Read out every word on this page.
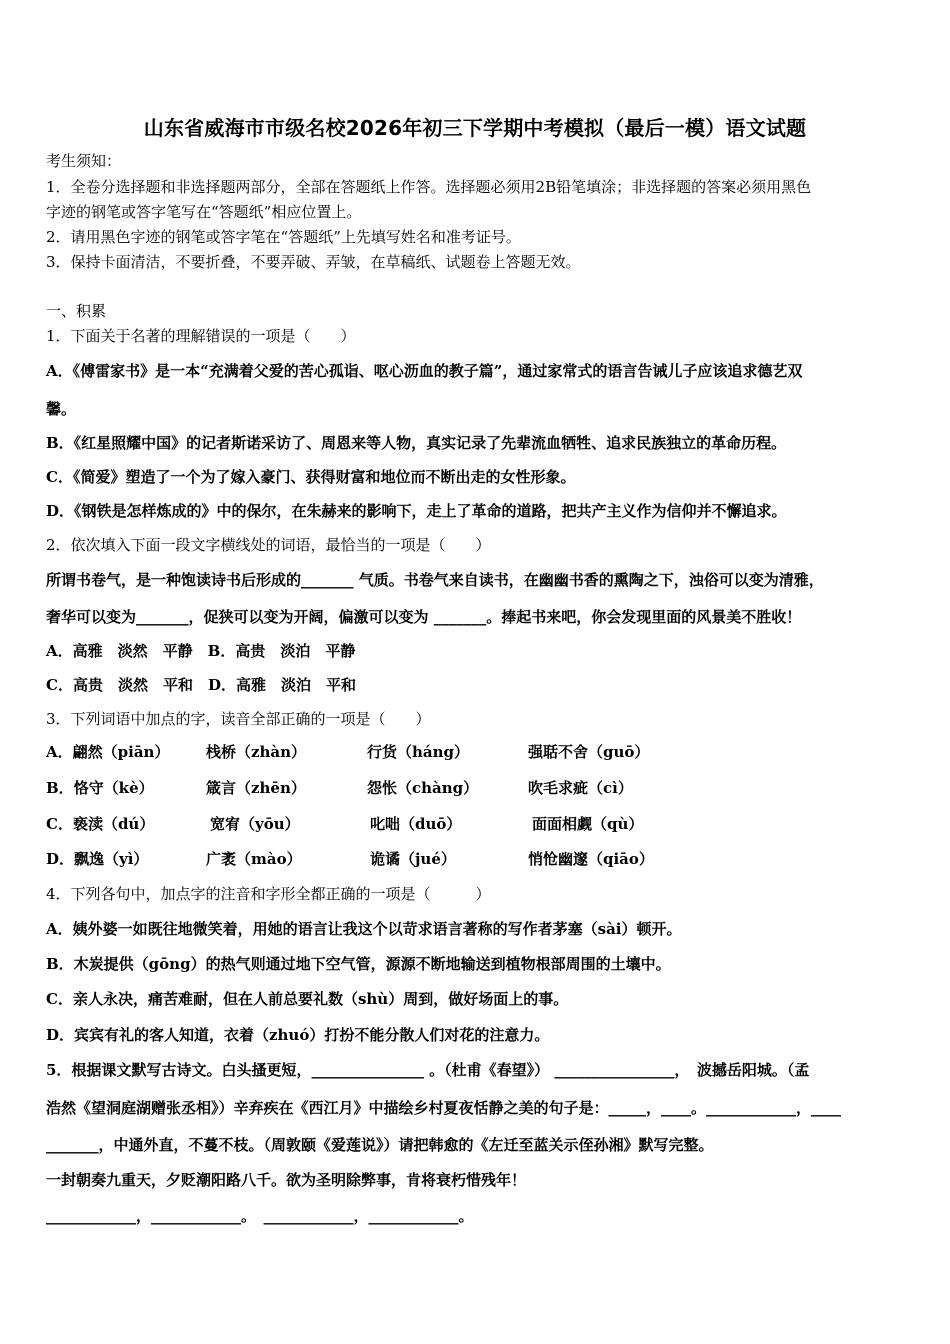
山东省威海市市级名校2026年初三下学期中考模拟（最后一模）语文试题
考生须知：
1．全卷分选择题和非选择题两部分，全部在答题纸上作答。选择题必须用2B铅笔填涂；非选择题的答案必须用黑色
字迹的钢笔或答字笔写在“答题纸”相应位置上。
2．请用黑色字迹的钢笔或答字笔在“答题纸”上先填写姓名和准考证号。
3．保持卡面清洁，不要折叠，不要弄破、弄皱，在草稿纸、试题卷上答题无效。
一、积累
1．下面关于名著的理解错误的一项是（　　）
A．《傅雷家书》是一本“充满着父爱的苦心孤诣、呕心沥血的教子篇”，通过家常式的语言告诫儿子应该追求德艺双
馨。
B．《红星照耀中国》的记者斯诺采访了、周恩来等人物，真实记录了先辈流血牺牲、追求民族独立的革命历程。
C．《简爱》塑造了一个为了嫁入豪门、获得财富和地位而不断出走的女性形象。
D．《钢铁是怎样炼成的》中的保尔，在朱赫来的影响下，走上了革命的道路，把共产主义作为信仰并不懈追求。
2．依次填入下面一段文字横线处的词语，最恰当的一项是（　　）
所谓书卷气，是一种饱读诗书后形成的_______ 气质。书卷气来自读书，在幽幽书香的熏陶之下，浊俗可以变为清雅，
奢华可以变为_______，促狭可以变为开阔，偏激可以变为 _______。捧起书来吧，你会发现里面的风景美不胜收！
A．高雅　淡然　平静　B．高贵　淡泊　平静
C．高贵　淡然　平和　D．高雅　淡泊　平和
3．下列词语中加点的字，读音全部正确的一项是（　　）
A．翩然（piān） 栈桥（zhàn）	行货（háng）	强聒不舍（guō）
B．恪守（kè）	箴言（zhēn）	怨怅（chàng）	吹毛求疵（cì）
C．亵渎（dú）	宽宥（yōu）	叱咄（duō）	面面相觑（qù）
D．飘逸（yì）	广袤（mào）	诡谲（jué）	悄怆幽邃（qiāo）
4．下列各句中，加点字的注音和字形全都正确的一项是（　　　）
A．姨外婆一如既往地微笑着，用她的语言让我这个以苛求语言著称的写作者茅塞（sài）顿开。
B．木炭提供（gōng）的热气则通过地下空气管，源源不断地输送到植物根部周围的土壤中。
C．亲人永决，痛苦难耐，但在人前总要礼数（shù）周到，做好场面上的事。
D．宾宾有礼的客人知道，衣着（zhuó）打扮不能分散人们对花的注意力。
5．根据课文默写古诗文。白头搔更短，_______________ 。（杜甫《春望》） ________________，　波撼岳阳城。（孟
浩然《望洞庭湖赠张丞相》）辛弃疾在《西江月》中描绘乡村夏夜恬静之美的句子是：_____，____。____________，____
_______，中通外直，不蔓不枝。（周敦颐《爱莲说》）请把韩愈的《左迁至蓝关示侄孙湘》默写完整。
一封朝奏九重天，夕贬潮阳路八千。欲为圣明除弊事，肯将衰朽惜残年！
____________，____________。　____________，____________。
